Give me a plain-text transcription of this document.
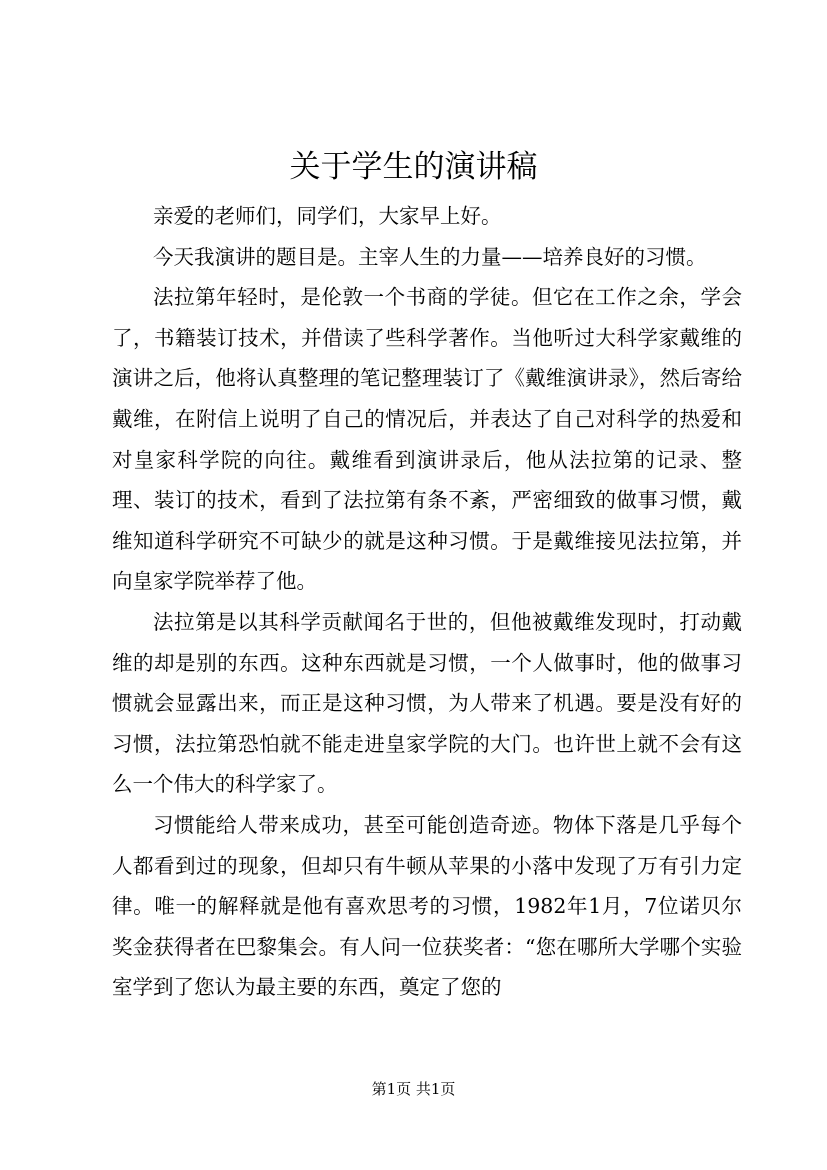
关于学生的演讲稿

亲爱的老师们，同学们，大家早上好。

今天我演讲的题目是。主宰人生的力量——培养良好的习惯。

法拉第年轻时，是伦敦一个书商的学徒。但它在工作之余，学会了，书籍装订技术，并借读了些科学著作。当他听过大科学家戴维的演讲之后，他将认真整理的笔记整理装订了《戴维演讲录》，然后寄给戴维，在附信上说明了自己的情况后，并表达了自己对科学的热爱和对皇家科学院的向往。戴维看到演讲录后，他从法拉第的记录、整理、装订的技术，看到了法拉第有条不紊，严密细致的做事习惯，戴维知道科学研究不可缺少的就是这种习惯。于是戴维接见法拉第，并向皇家学院举荐了他。

法拉第是以其科学贡献闻名于世的，但他被戴维发现时，打动戴维的却是别的东西。这种东西就是习惯，一个人做事时，他的做事习惯就会显露出来，而正是这种习惯，为人带来了机遇。要是没有好的习惯，法拉第恐怕就不能走进皇家学院的大门。也许世上就不会有这么一个伟大的科学家了。

习惯能给人带来成功，甚至可能创造奇迹。物体下落是几乎每个人都看到过的现象，但却只有牛顿从苹果的小落中发现了万有引力定律。唯一的解释就是他有喜欢思考的习惯，1982年1月，7位诺贝尔奖金获得者在巴黎集会。有人问一位获奖者：“您在哪所大学哪个实验室学到了您认为最主要的东西，奠定了您的

第1页 共1页
